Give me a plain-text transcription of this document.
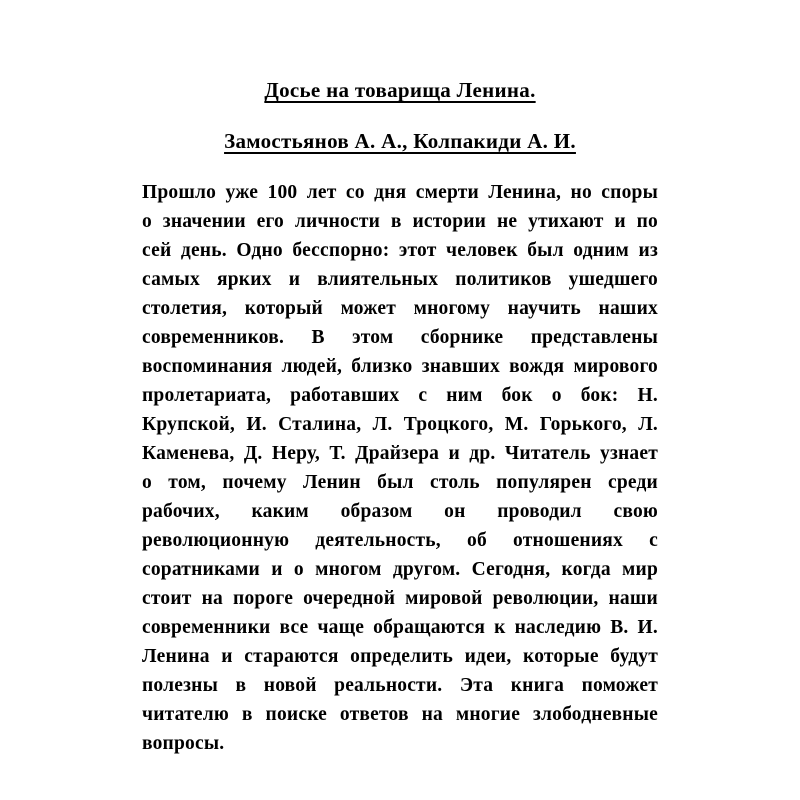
Досье на товарища Ленина.
Замостьянов А. А., Колпакиди А. И.

Прошло уже 100 лет со дня смерти Ленина, но споры о значении его личности в истории не утихают и по сей день. Одно бесспорно: этот человек был одним из самых ярких и влиятельных политиков ушедшего столетия, который может многому научить наших современников. В этом сборнике представлены воспоминания людей, близко знавших вождя мирового пролетариата, работавших с ним бок о бок: Н. Крупской, И. Сталина, Л. Троцкого, М. Горького, Л. Каменева, Д. Неру, Т. Драйзера и др. Читатель узнает о том, почему Ленин был столь популярен среди рабочих, каким образом он проводил свою революционную деятельность, об отношениях с соратниками и о многом другом. Сегодня, когда мир стоит на пороге очередной мировой революции, наши современники все чаще обращаются к наследию В. И. Ленина и стараются определить идеи, которые будут полезны в новой реальности. Эта книга поможет читателю в поиске ответов на многие злободневные вопросы.
